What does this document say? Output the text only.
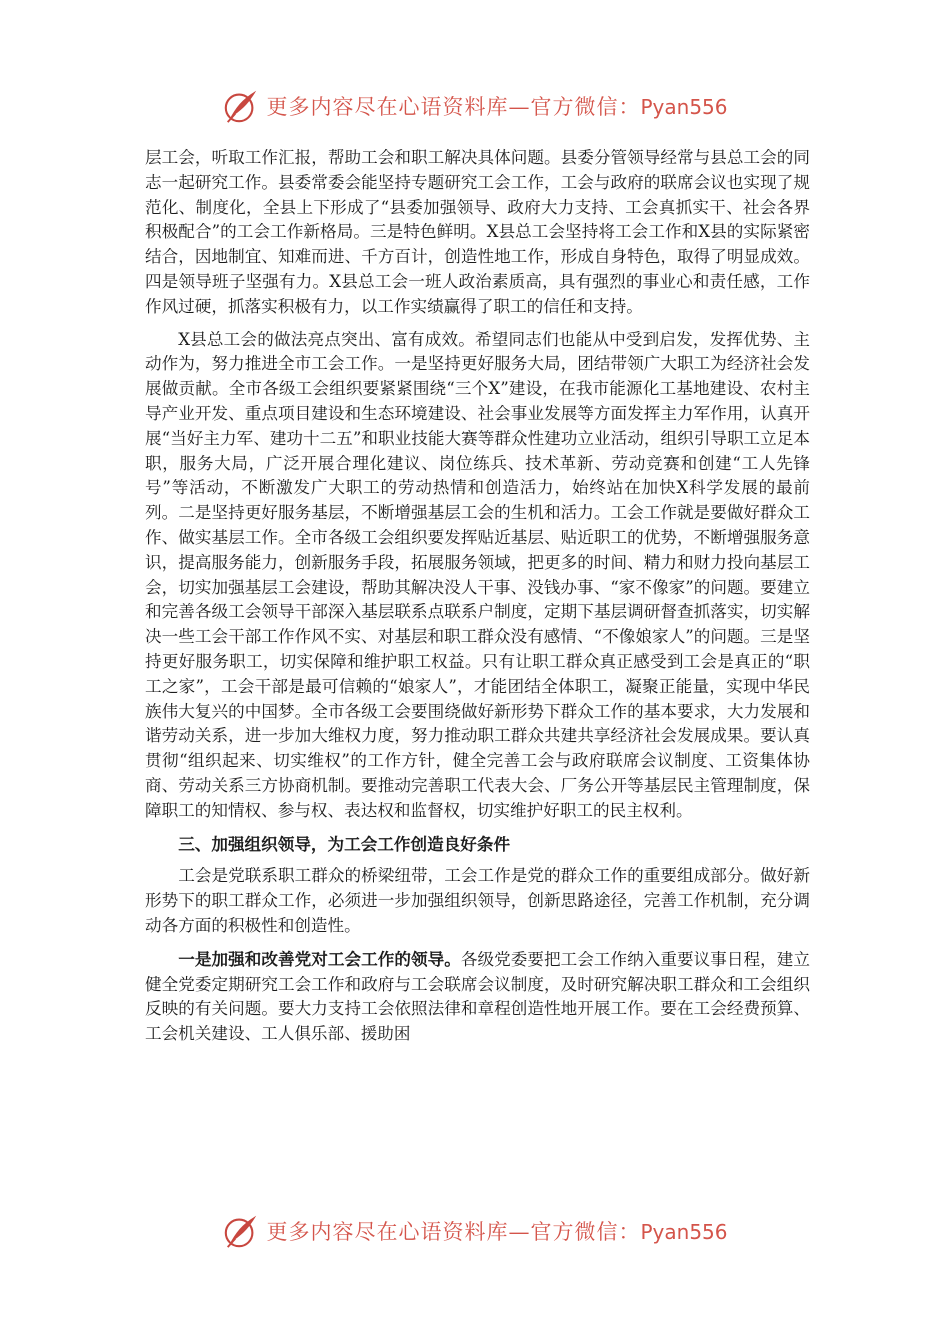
更多内容尽在心语资料库—官方微信：Pyan556

层工会，听取工作汇报，帮助工会和职工解决具体问题。县委分管领导经常与县总工会的同志一起研究工作。县委常委会能坚持专题研究工会工作，工会与政府的联席会议也实现了规范化、制度化，全县上下形成了“县委加强领导、政府大力支持、工会真抓实干、社会各界积极配合”的工会工作新格局。三是特色鲜明。X县总工会坚持将工会工作和X县的实际紧密结合，因地制宜、知难而进、千方百计，创造性地工作，形成自身特色，取得了明显成效。四是领导班子坚强有力。X县总工会一班人政治素质高，具有强烈的事业心和责任感，工作作风过硬，抓落实积极有力，以工作实绩赢得了职工的信任和支持。

X县总工会的做法亮点突出、富有成效。希望同志们也能从中受到启发，发挥优势、主动作为，努力推进全市工会工作。一是坚持更好服务大局，团结带领广大职工为经济社会发展做贡献。全市各级工会组织要紧紧围绕“三个X”建设，在我市能源化工基地建设、农村主导产业开发、重点项目建设和生态环境建设、社会事业发展等方面发挥主力军作用，认真开展“当好主力军、建功十二五”和职业技能大赛等群众性建功立业活动，组织引导职工立足本职，服务大局，广泛开展合理化建议、岗位练兵、技术革新、劳动竞赛和创建“工人先锋号”等活动，不断激发广大职工的劳动热情和创造活力，始终站在加快X科学发展的最前列。二是坚持更好服务基层，不断增强基层工会的生机和活力。工会工作就是要做好群众工作、做实基层工作。全市各级工会组织要发挥贴近基层、贴近职工的优势，不断增强服务意识，提高服务能力，创新服务手段，拓展服务领域，把更多的时间、精力和财力投向基层工会，切实加强基层工会建设，帮助其解决没人干事、没钱办事、“家不像家”的问题。要建立和完善各级工会领导干部深入基层联系点联系户制度，定期下基层调研督查抓落实，切实解决一些工会干部工作作风不实、对基层和职工群众没有感情、“不像娘家人”的问题。三是坚持更好服务职工，切实保障和维护职工权益。只有让职工群众真正感受到工会是真正的“职工之家”，工会干部是最可信赖的“娘家人”，才能团结全体职工，凝聚正能量，实现中华民族伟大复兴的中国梦。全市各级工会要围绕做好新形势下群众工作的基本要求，大力发展和谐劳动关系，进一步加大维权力度，努力推动职工群众共建共享经济社会发展成果。要认真贯彻“组织起来、切实维权”的工作方针，健全完善工会与政府联席会议制度、工资集体协商、劳动关系三方协商机制。要推动完善职工代表大会、厂务公开等基层民主管理制度，保障职工的知情权、参与权、表达权和监督权，切实维护好职工的民主权利。

三、加强组织领导，为工会工作创造良好条件

工会是党联系职工群众的桥梁纽带，工会工作是党的群众工作的重要组成部分。做好新形势下的职工群众工作，必须进一步加强组织领导，创新思路途径，完善工作机制，充分调动各方面的积极性和创造性。

一是加强和改善党对工会工作的领导。各级党委要把工会工作纳入重要议事日程，建立健全党委定期研究工会工作和政府与工会联席会议制度，及时研究解决职工群众和工会组织反映的有关问题。要大力支持工会依照法律和章程创造性地开展工作。要在工会经费预算、工会机关建设、工人俱乐部、援助困

更多内容尽在心语资料库—官方微信：Pyan556
